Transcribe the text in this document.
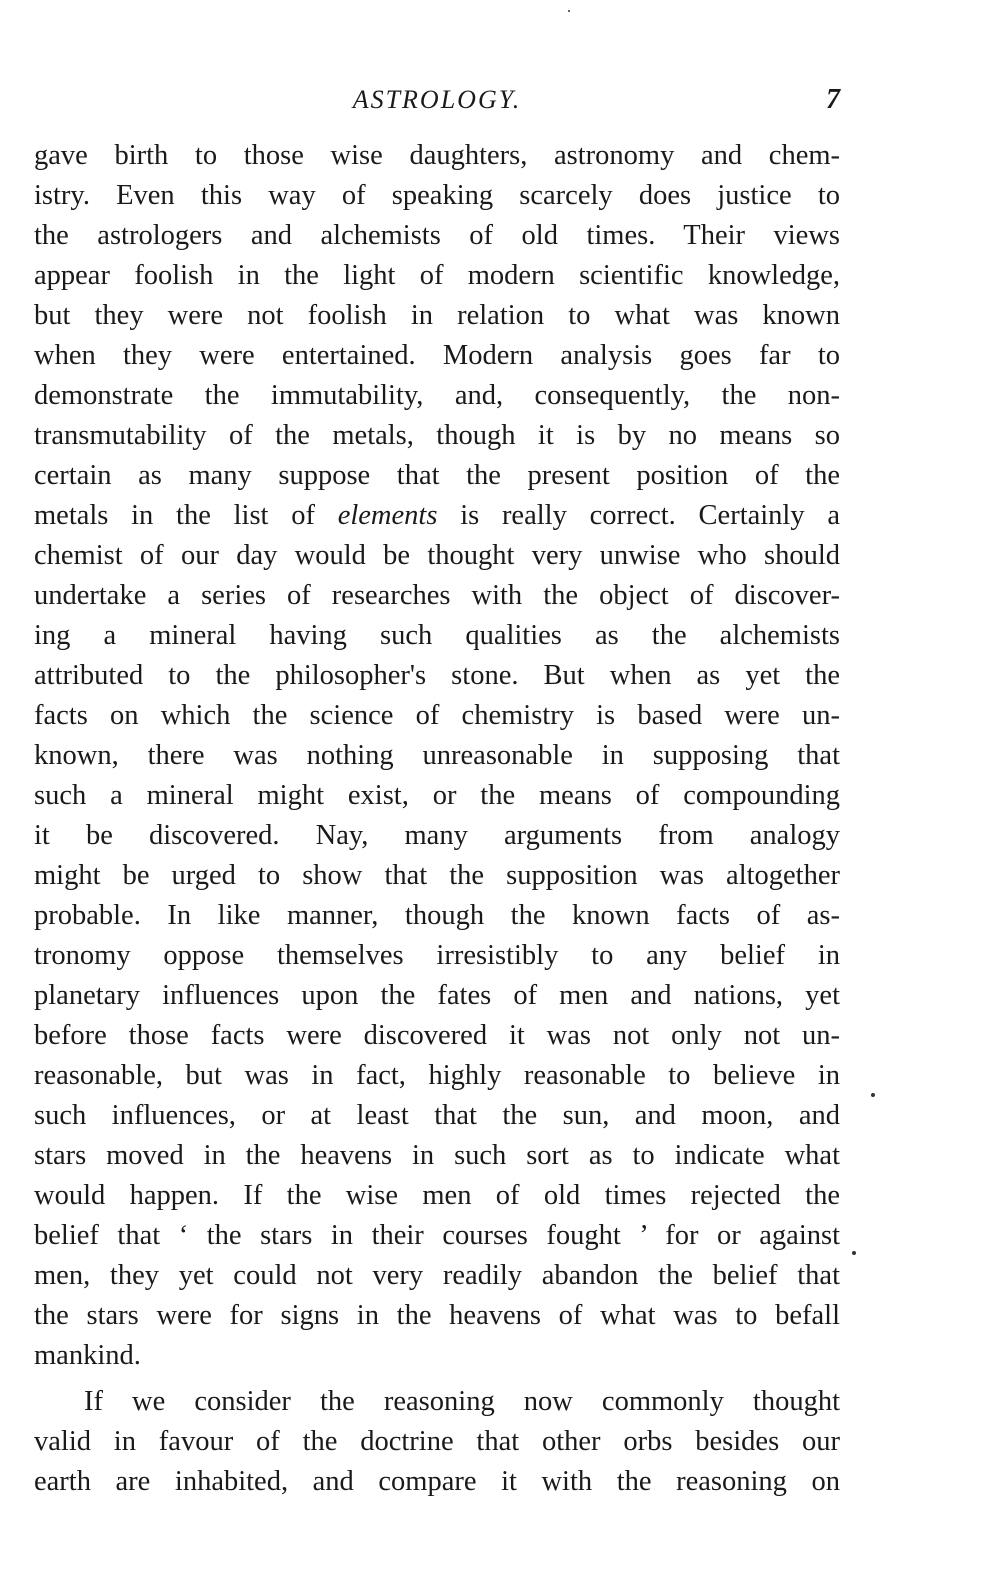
ASTROLOGY.	7
gave birth to those wise daughters, astronomy and chem-
istry. Even this way of speaking scarcely does justice to
the astrologers and alchemists of old times. Their views
appear foolish in the light of modern scientific knowledge,
but they were not foolish in relation to what was known
when they were entertained. Modern analysis goes far to
demonstrate the immutability, and, consequently, the non-
transmutability of the metals, though it is by no means so
certain as many suppose that the present position of the
metals in the list of elements is really correct. Certainly a
chemist of our day would be thought very unwise who should
undertake a series of researches with the object of discover-
ing a mineral having such qualities as the alchemists
attributed to the philosopher's stone. But when as yet the
facts on which the science of chemistry is based were un-
known, there was nothing unreasonable in supposing that
such a mineral might exist, or the means of compounding
it be discovered. Nay, many arguments from analogy
might be urged to show that the supposition was altogether
probable. In like manner, though the known facts of as-
tronomy oppose themselves irresistibly to any belief in
planetary influences upon the fates of men and nations, yet
before those facts were discovered it was not only not un-
reasonable, but was in fact, highly reasonable to believe in
such influences, or at least that the sun, and moon, and
stars moved in the heavens in such sort as to indicate what
would happen. If the wise men of old times rejected the
belief that ‘ the stars in their courses fought ’ for or against
men, they yet could not very readily abandon the belief that
the stars were for signs in the heavens of what was to befall
mankind.
If we consider the reasoning now commonly thought
valid in favour of the doctrine that other orbs besides our
earth are inhabited, and compare it with the reasoning on
